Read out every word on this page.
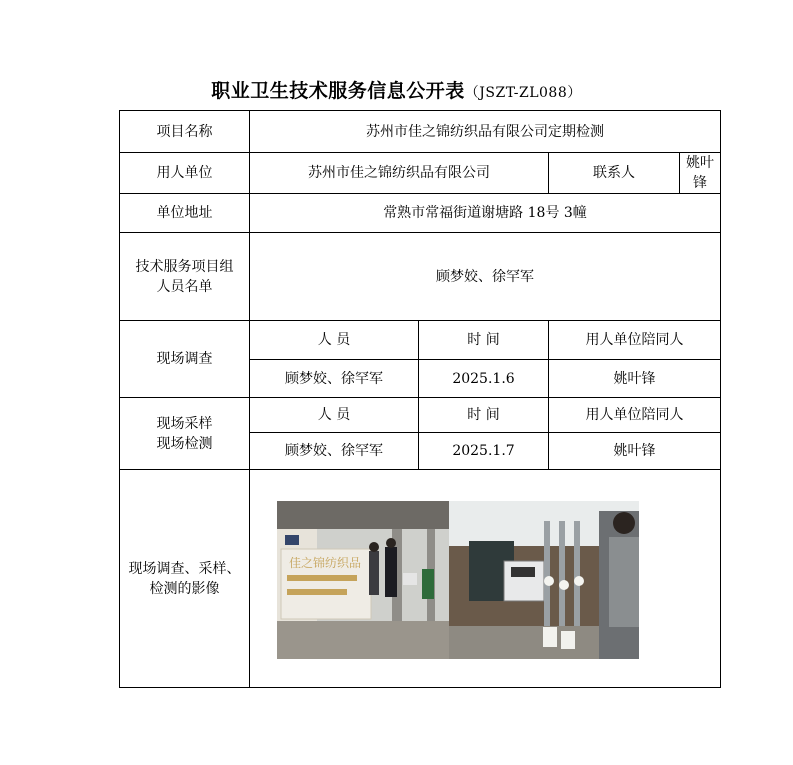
职业卫生技术服务信息公开表（JSZT-ZL088）
项目名称	苏州市佳之锦纺织品有限公司定期检测			
用人单位	苏州市佳之锦纺织品有限公司		联系人	姚叶锋
单位地址	常熟市常福街道谢塘路 18号 3幢			
技术服务项目组人员名单	顾梦姣、徐罕军			
现场调查	人 员	时 间	用人单位陪同人	
	顾梦姣、徐罕军	2025.1.6	姚叶锋	
现场采样
现场检测	人 员	时 间	用人单位陪同人	
	顾梦姣、徐罕军	2025.1.7	姚叶锋	
现场调查、采样、检测的影像	佳之锦纺织品			
